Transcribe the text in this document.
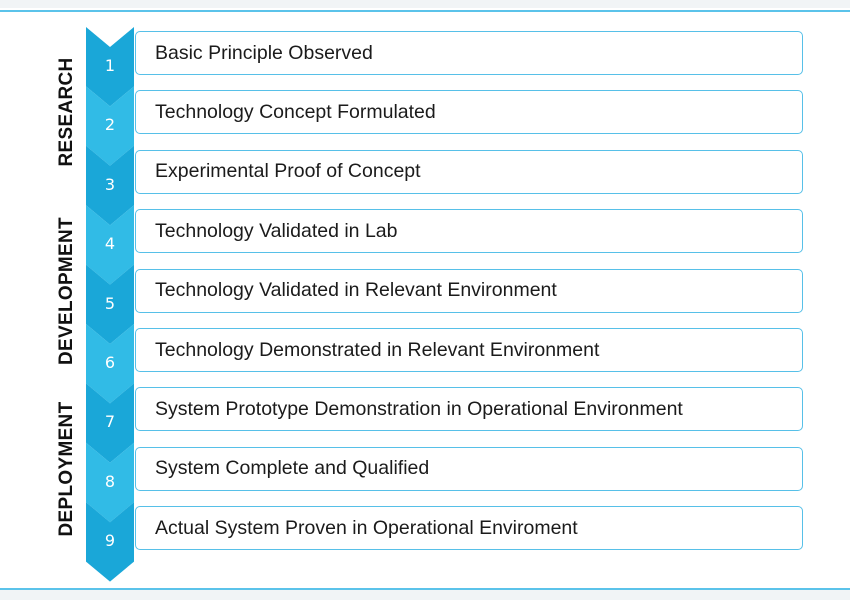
RESEARCH
DEVELOPMENT
DEPLOYMENT
Basic Principle Observed
Technology Concept Formulated
Experimental Proof of Concept
Technology Validated in Lab
Technology Validated in Relevant Environment
Technology Demonstrated in Relevant Environment
System Prototype Demonstration in Operational Environment
System Complete and Qualified
Actual System Proven in Operational Enviroment
1
2
3
4
5
6
7
8
9
